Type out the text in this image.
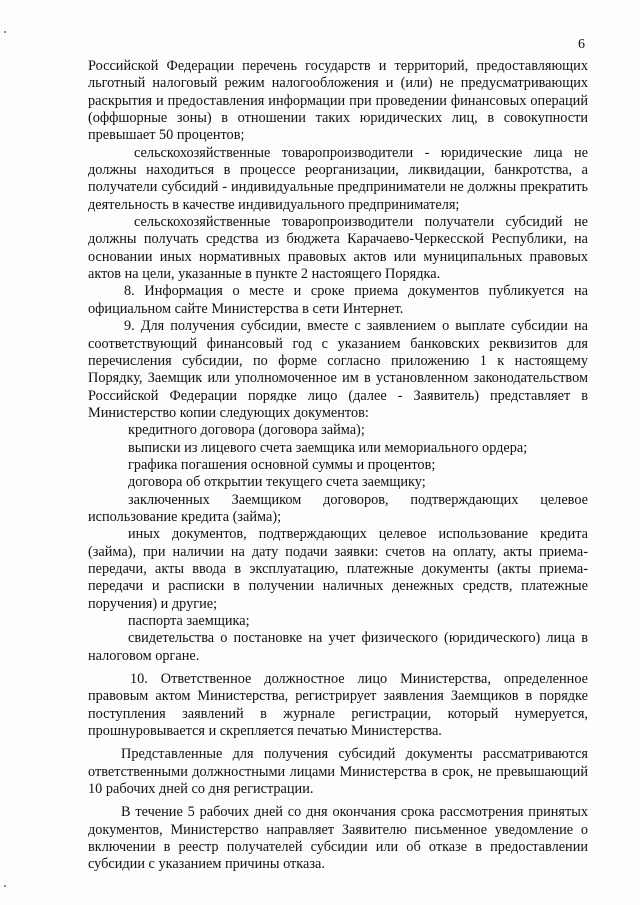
6

Российской Федерации перечень государств и территорий, предоставляющих льготный налоговый режим налогообложения и (или) не предусматривающих раскрытия и предоставления информации при проведении финансовых операций (оффшорные зоны) в отношении таких юридических лиц, в совокупности превышает 50 процентов;

сельскохозяйственные товаропроизводители - юридические лица не должны находиться в процессе реорганизации, ликвидации, банкротства, а получатели субсидий - индивидуальные предприниматели не должны прекратить деятельность в качестве индивидуального предпринимателя;

сельскохозяйственные товаропроизводители получатели субсидий не должны получать средства из бюджета Карачаево-Черкесской Республики, на основании иных нормативных правовых актов или муниципальных правовых актов на цели, указанные в пункте 2 настоящего Порядка.

8. Информация о месте и сроке приема документов публикуется на официальном сайте Министерства в сети Интернет.

9. Для получения субсидии, вместе с заявлением о выплате субсидии на соответствующий финансовый год с указанием банковских реквизитов для перечисления субсидии, по форме согласно приложению 1 к настоящему Порядку, Заемщик или уполномоченное им в установленном законодательством Российской Федерации порядке лицо (далее - Заявитель) представляет в Министерство копии следующих документов:

кредитного договора (договора займа);

выписки из лицевого счета заемщика или мемориального ордера;

графика погашения основной суммы и процентов;

договора об открытии текущего счета заемщику;

заключенных Заемщиком договоров, подтверждающих целевое использование кредита (займа);

иных документов, подтверждающих целевое использование кредита (займа), при наличии на дату подачи заявки: счетов на оплату, акты приема-передачи, акты ввода в эксплуатацию, платежные документы (акты приема-передачи и расписки в получении наличных денежных средств, платежные поручения) и другие;

паспорта заемщика;

свидетельства о постановке на учет физического (юридического) лица в налоговом органе.

10. Ответственное должностное лицо Министерства, определенное правовым актом Министерства, регистрирует заявления Заемщиков в порядке поступления заявлений в журнале регистрации, который нумеруется, прошнуровывается и скрепляется печатью Министерства.

Представленные для получения субсидий документы рассматриваются ответственными должностными лицами Министерства в срок, не превышающий 10 рабочих дней со дня регистрации.

В течение 5 рабочих дней со дня окончания срока рассмотрения принятых документов, Министерство направляет Заявителю письменное уведомление о включении в реестр получателей субсидии или об отказе в предоставлении субсидии с указанием причины отказа.
